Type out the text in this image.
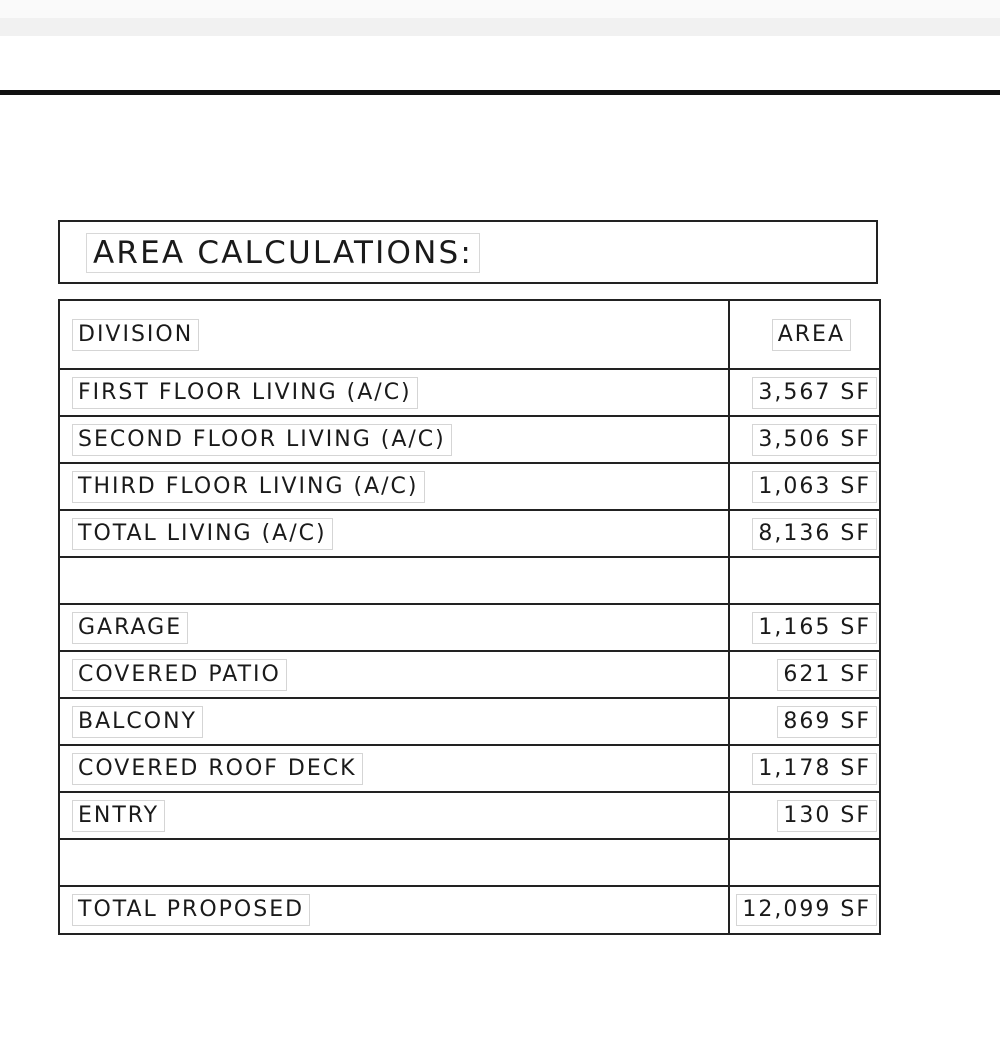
AREA CALCULATIONS:
DIVISION	AREA
FIRST FLOOR LIVING (A/C)	3,567 SF
SECOND FLOOR LIVING (A/C)	3,506 SF
THIRD FLOOR LIVING (A/C)	1,063 SF
TOTAL LIVING (A/C)	8,136 SF
GARAGE	1,165 SF
COVERED PATIO	621 SF
BALCONY	869 SF
COVERED ROOF DECK	1,178 SF
ENTRY	130 SF
TOTAL PROPOSED	12,099 SF
